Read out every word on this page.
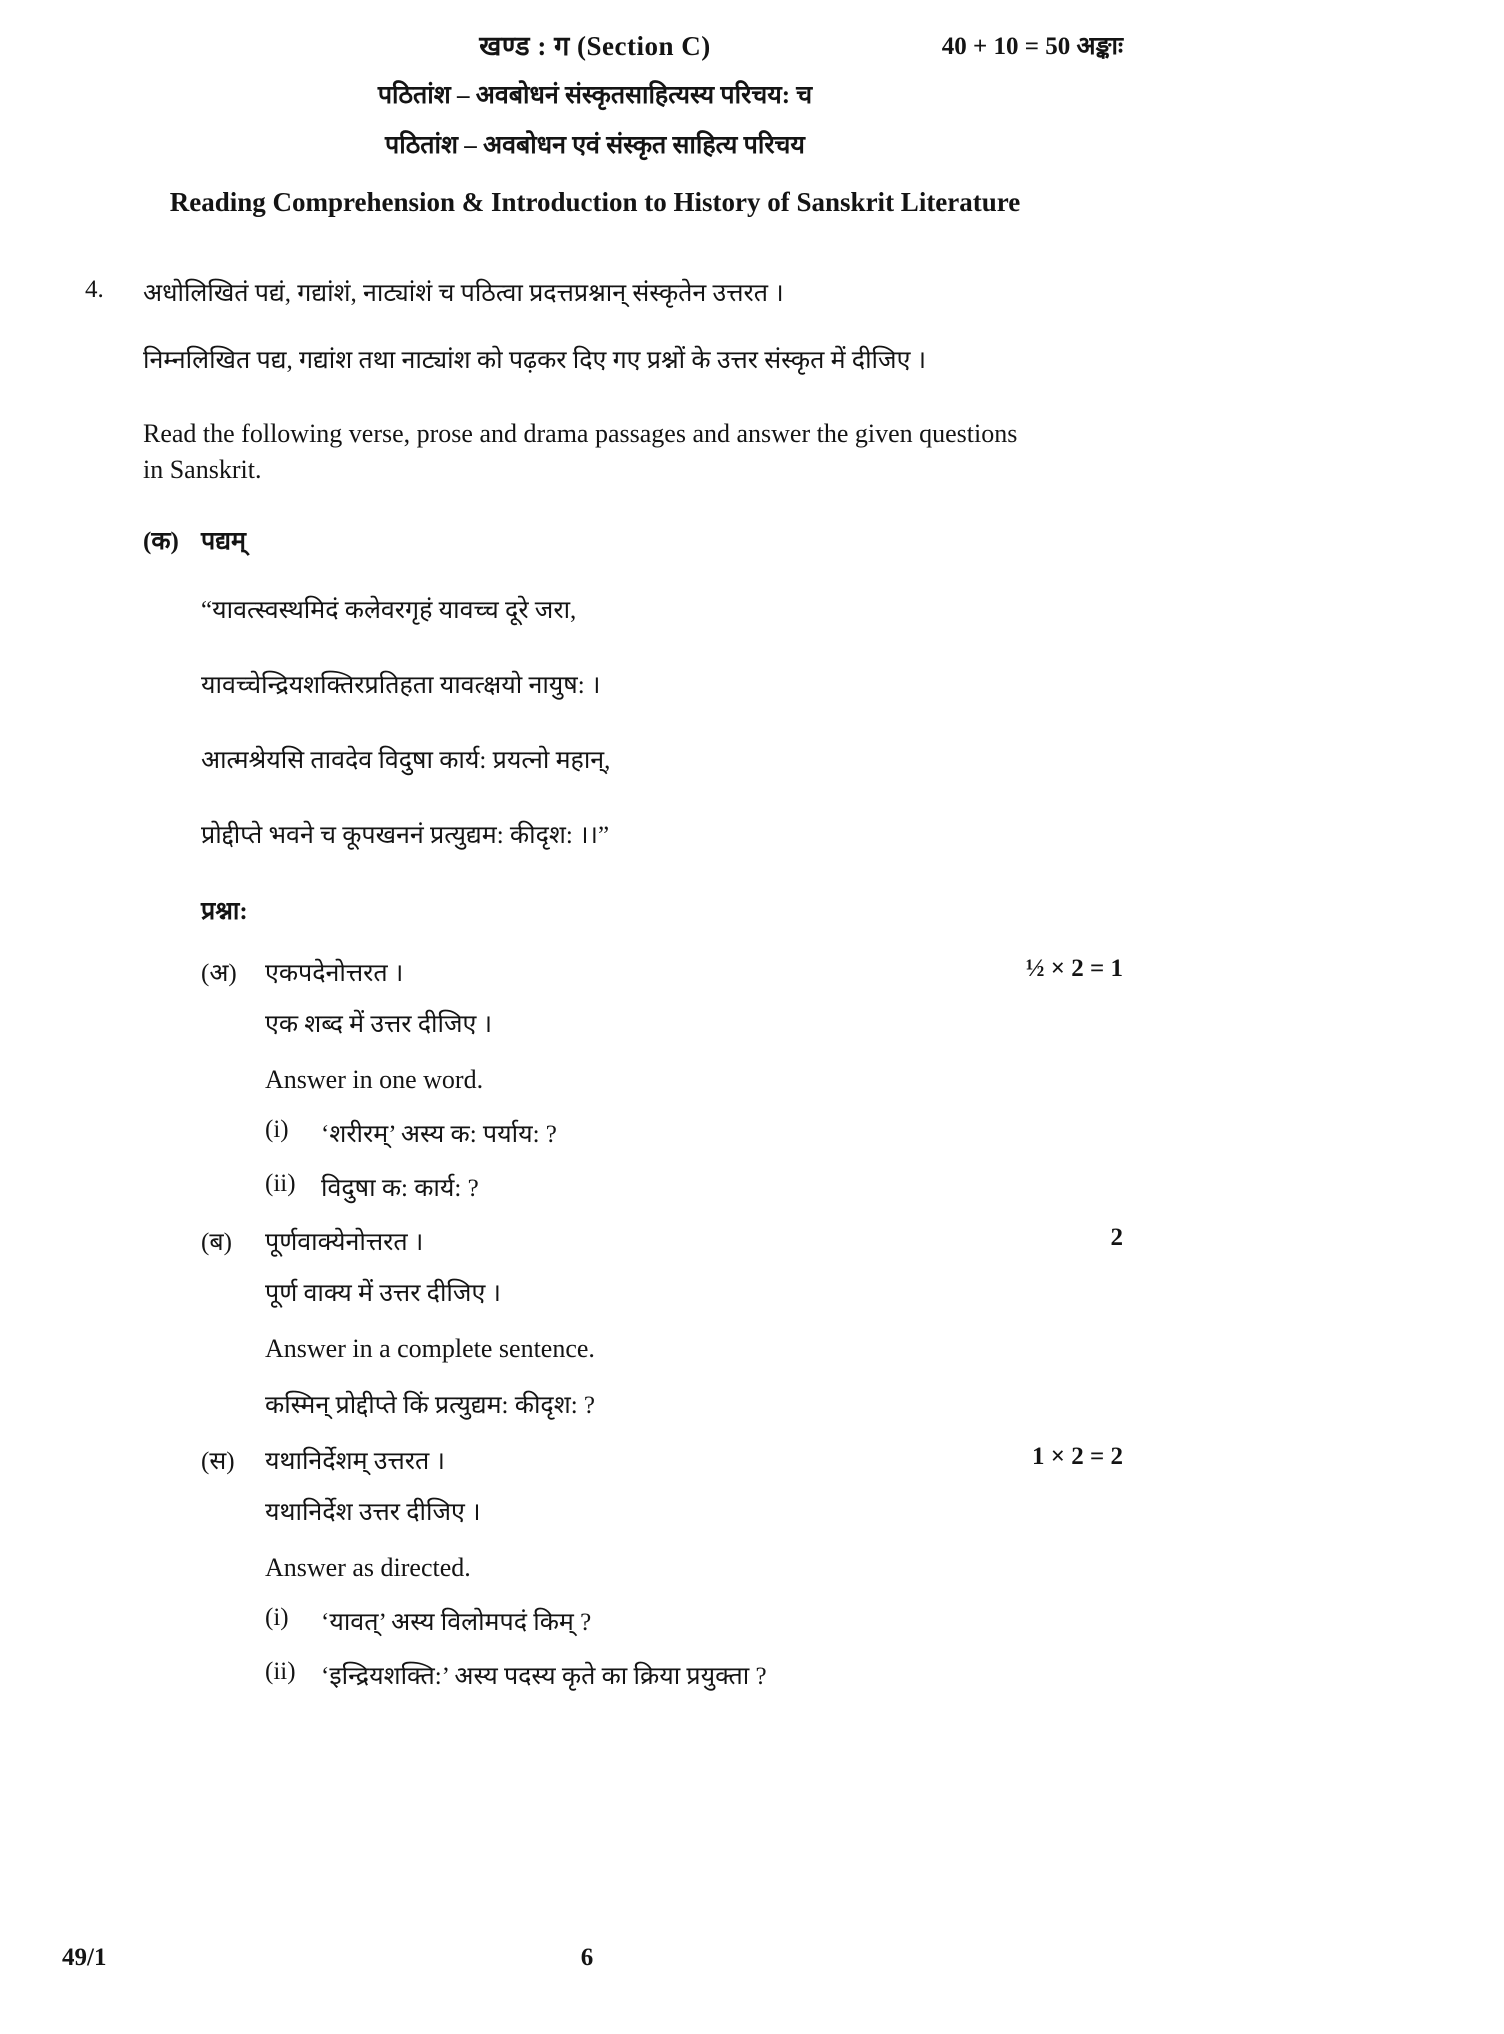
खण्ड : ग (Section C)	40 + 10 = 50 अङ्काः
पठितांश – अवबोधनं संस्कृतसाहित्यस्य परिचय: च
पठितांश – अवबोधन एवं संस्कृत साहित्य परिचय
Reading Comprehension & Introduction to History of Sanskrit Literature
4.	अधोलिखितं पद्यं, गद्यांशं, नाट्यांशं च पठित्वा प्रदत्तप्रश्नान् संस्कृतेन उत्तरत ।
निम्नलिखित पद्य, गद्यांश तथा नाट्यांश को पढ़कर दिए गए प्रश्नों के उत्तर संस्कृत में दीजिए ।
Read the following verse, prose and drama passages and answer the given questions in Sanskrit.
(क) पद्यम्
“यावत्स्वस्थमिदं कलेवरगृहं यावच्च दूरे जरा,
यावच्चेन्द्रियशक्तिरप्रतिहता यावत्क्षयो नायुष: ।
आत्मश्रेयसि तावदेव विदुषा कार्य: प्रयत्नो महान्,
प्रोद्दीप्ते भवने च कूपखननं प्रत्युद्यम: कीदृश: ।।”
प्रश्ना:
(अ)	एकपदेनोत्तरत ।	½ × 2 = 1
एक शब्द में उत्तर दीजिए ।
Answer in one word.
(i)	‘शरीरम्’ अस्य क: पर्याय: ?
(ii)	विदुषा क: कार्य: ?
(ब)	पूर्णवाक्येनोत्तरत ।	2
पूर्ण वाक्य में उत्तर दीजिए ।
Answer in a complete sentence.
कस्मिन् प्रोद्दीप्ते किं प्रत्युद्यम: कीदृश: ?
(स)	यथानिर्देशम् उत्तरत ।	1 × 2 = 2
यथानिर्देश उत्तर दीजिए ।
Answer as directed.
(i)	‘यावत्’ अस्य विलोमपदं किम् ?
(ii)	‘इन्द्रियशक्ति:’ अस्य पदस्य कृते का क्रिया प्रयुक्ता ?
49/1	6
